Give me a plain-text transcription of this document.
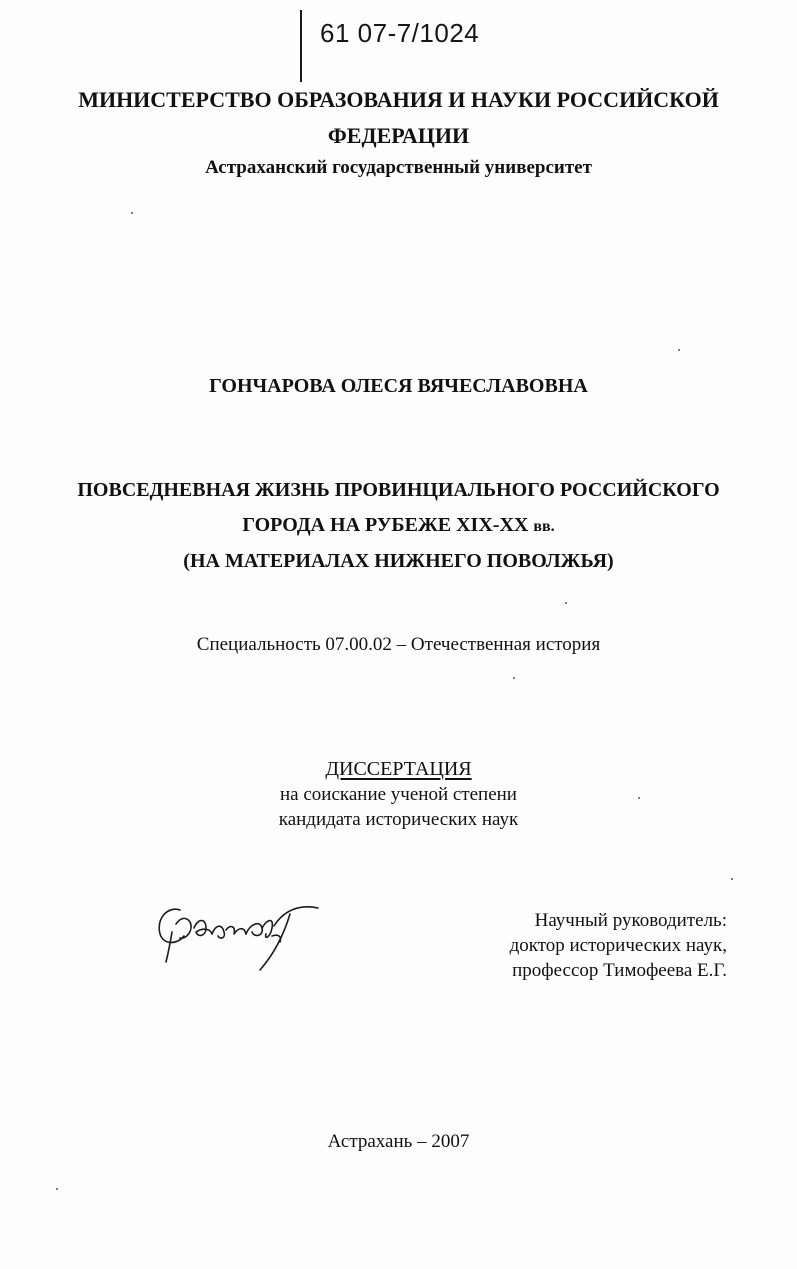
61 07-7/1024
МИНИСТЕРСТВО ОБРАЗОВАНИЯ И НАУКИ РОССИЙСКОЙ
ФЕДЕРАЦИИ
Астраханский государственный университет
ГОНЧАРОВА ОЛЕСЯ ВЯЧЕСЛАВОВНА
ПОВСЕДНЕВНАЯ ЖИЗНЬ ПРОВИНЦИАЛЬНОГО РОССИЙСКОГО
ГОРОДА НА РУБЕЖЕ XIX-XX вв.
(НА МАТЕРИАЛАХ НИЖНЕГО ПОВОЛЖЬЯ)
Специальность 07.00.02 – Отечественная история
ДИССЕРТАЦИЯ
на соискание ученой степени
кандидата исторических наук
Научный руководитель:
доктор исторических наук,
профессор Тимофеева Е.Г.
Астрахань – 2007
